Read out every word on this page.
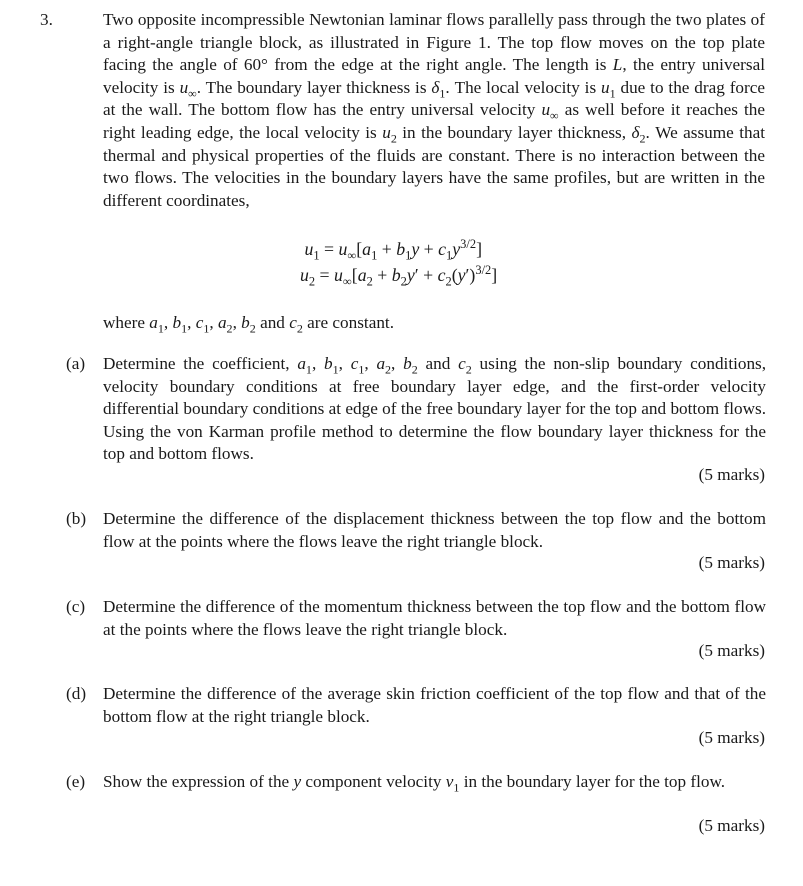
3.	Two opposite incompressible Newtonian laminar flows parallelly pass through the two plates of a right-angle triangle block, as illustrated in Figure 1. The top flow moves on the top plate facing the angle of 60° from the edge at the right angle. The length is L, the entry universal velocity is $u_\infty$. The boundary layer thickness is $\delta_1$. The local velocity is $u_1$ due to the drag force at the wall. The bottom flow has the entry universal velocity $u_\infty$ as well before it reaches the right leading edge, the local velocity is $u_2$ in the boundary layer thickness, $\delta_2$. We assume that thermal and physical properties of the fluids are constant. There is no interaction between the two flows. The velocities in the boundary layers have the same profiles, but are written in the different coordinates,

$u_1 = u_\infty[a_1 + b_1y + c_1y^{3/2}]$
$u_2 = u_\infty[a_2 + b_2y' + c_2(y')^{3/2}]$
where $a_1$, $b_1$, $c_1$, $a_2$, $b_2$ and $c_2$ are constant.
(a) Determine the coefficient, $a_1$, $b_1$, $c_1$, $a_2$, $b_2$ and $c_2$ using the non-slip boundary conditions, velocity boundary conditions at free boundary layer edge, and the first-order velocity differential boundary conditions at edge of the free boundary layer for the top and bottom flows. Using the von Karman profile method to determine the flow boundary layer thickness for the top and bottom flows.

(5 marks)
(b) Determine the difference of the displacement thickness between the top flow and the bottom flow at the points where the flows leave the right triangle block.

(5 marks)
(c) Determine the difference of the momentum thickness between the top flow and the bottom flow at the points where the flows leave the right triangle block.

(5 marks)
(d) Determine the difference of the average skin friction coefficient of the top flow and that of the bottom flow at the right triangle block.

(5 marks)
(e) Show the expression of the y component velocity $v_1$ in the boundary layer for the top flow.

(5 marks)
